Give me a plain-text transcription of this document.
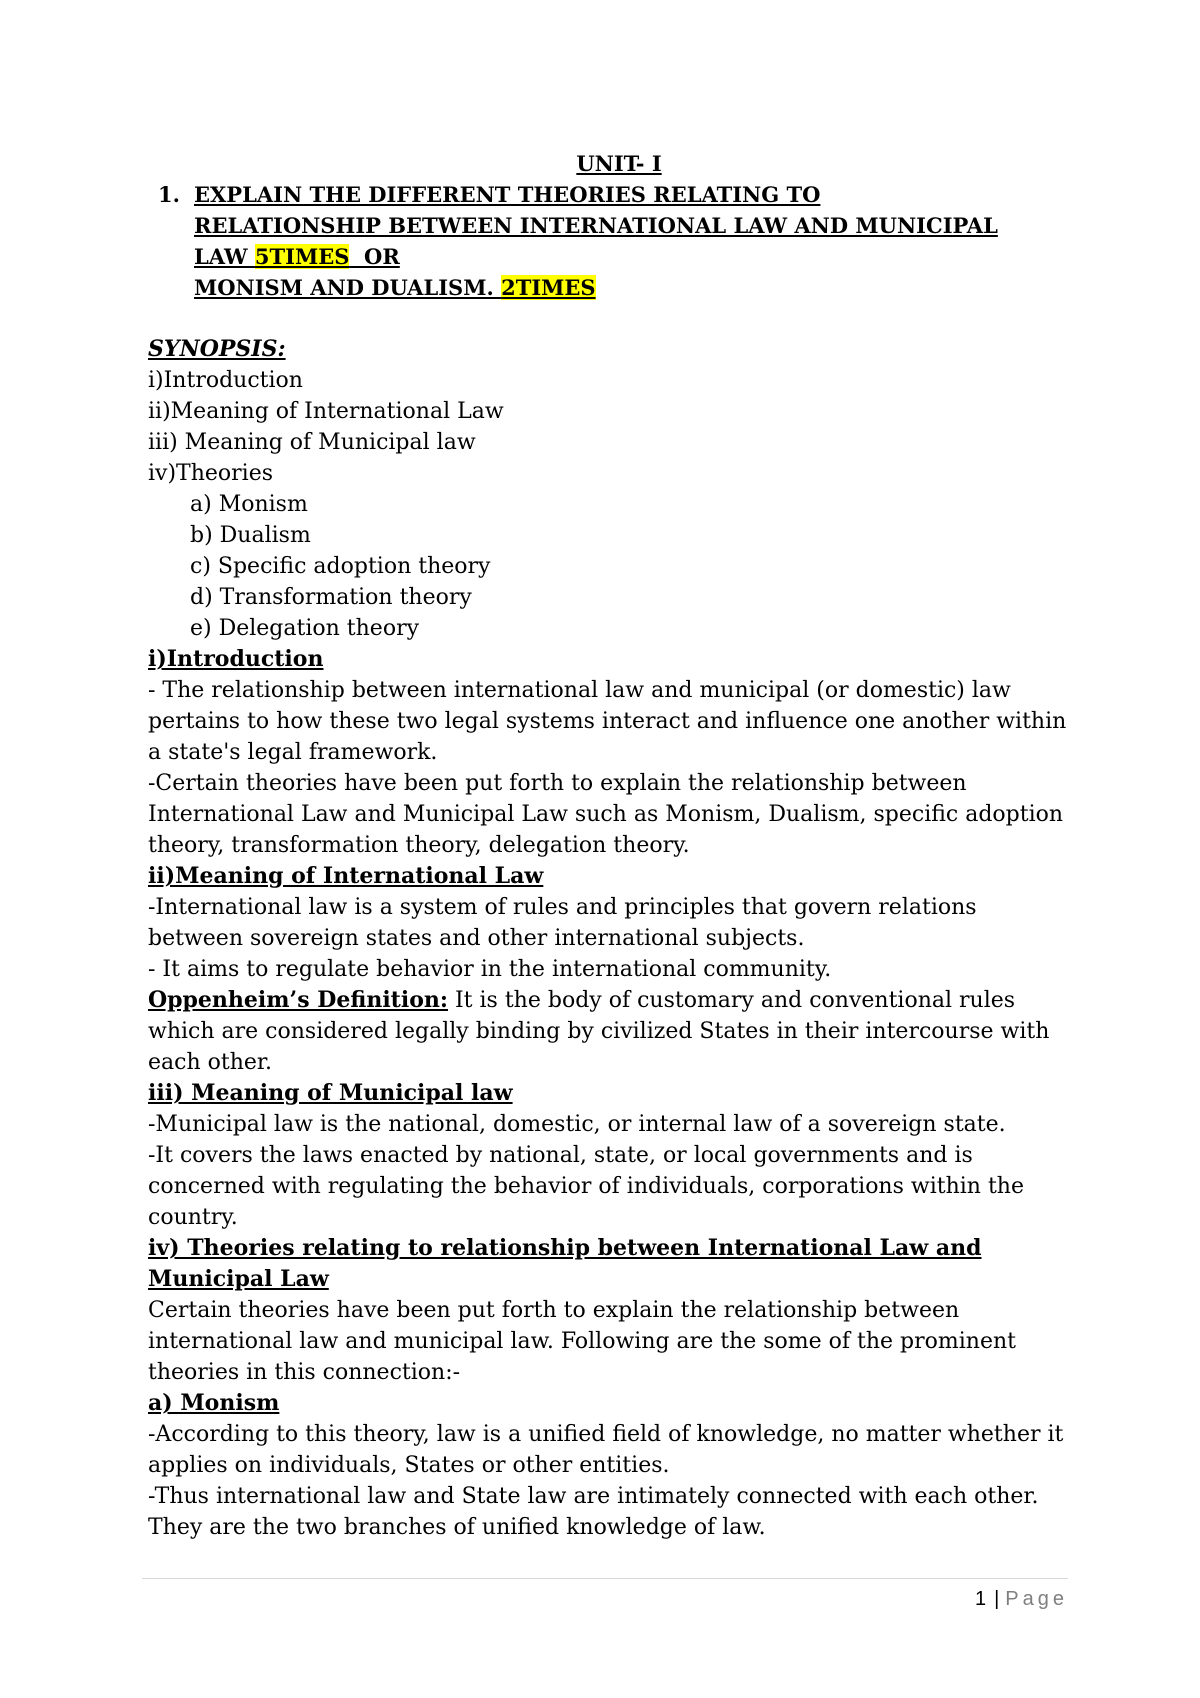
UNIT- I
1. EXPLAIN THE DIFFERENT THEORIES RELATING TO
RELATIONSHIP BETWEEN INTERNATIONAL LAW AND MUNICIPAL
LAW 5TIMES  OR
MONISM AND DUALISM. 2TIMES
SYNOPSIS:
i)Introduction
ii)Meaning of International Law
iii) Meaning of Municipal law
iv)Theories
a) Monism
b) Dualism
c) Specific adoption theory
d) Transformation theory
e) Delegation theory
i)Introduction
- The relationship between international law and municipal (or domestic) law pertains to how these two legal systems interact and influence one another within a state's legal framework.
-Certain theories have been put forth to explain the relationship between International Law and Municipal Law such as Monism, Dualism, specific adoption theory, transformation theory, delegation theory.
ii)Meaning of International Law
-International law is a system of rules and principles that govern relations between sovereign states and other international subjects.
- It aims to regulate behavior in the international community.
Oppenheim’s Definition: It is the body of customary and conventional rules which are considered legally binding by civilized States in their intercourse with each other.
iii) Meaning of Municipal law
-Municipal law is the national, domestic, or internal law of a sovereign state.
-It covers the laws enacted by national, state, or local governments and is concerned with regulating the behavior of individuals, corporations within the country.
iv) Theories relating to relationship between International Law and Municipal Law
Certain theories have been put forth to explain the relationship between international law and municipal law. Following are the some of the prominent theories in this connection:-
a) Monism
-According to this theory, law is a unified field of knowledge, no matter whether it applies on individuals, States or other entities.
-Thus international law and State law are intimately connected with each other. They are the two branches of unified knowledge of law.
1 | Page
